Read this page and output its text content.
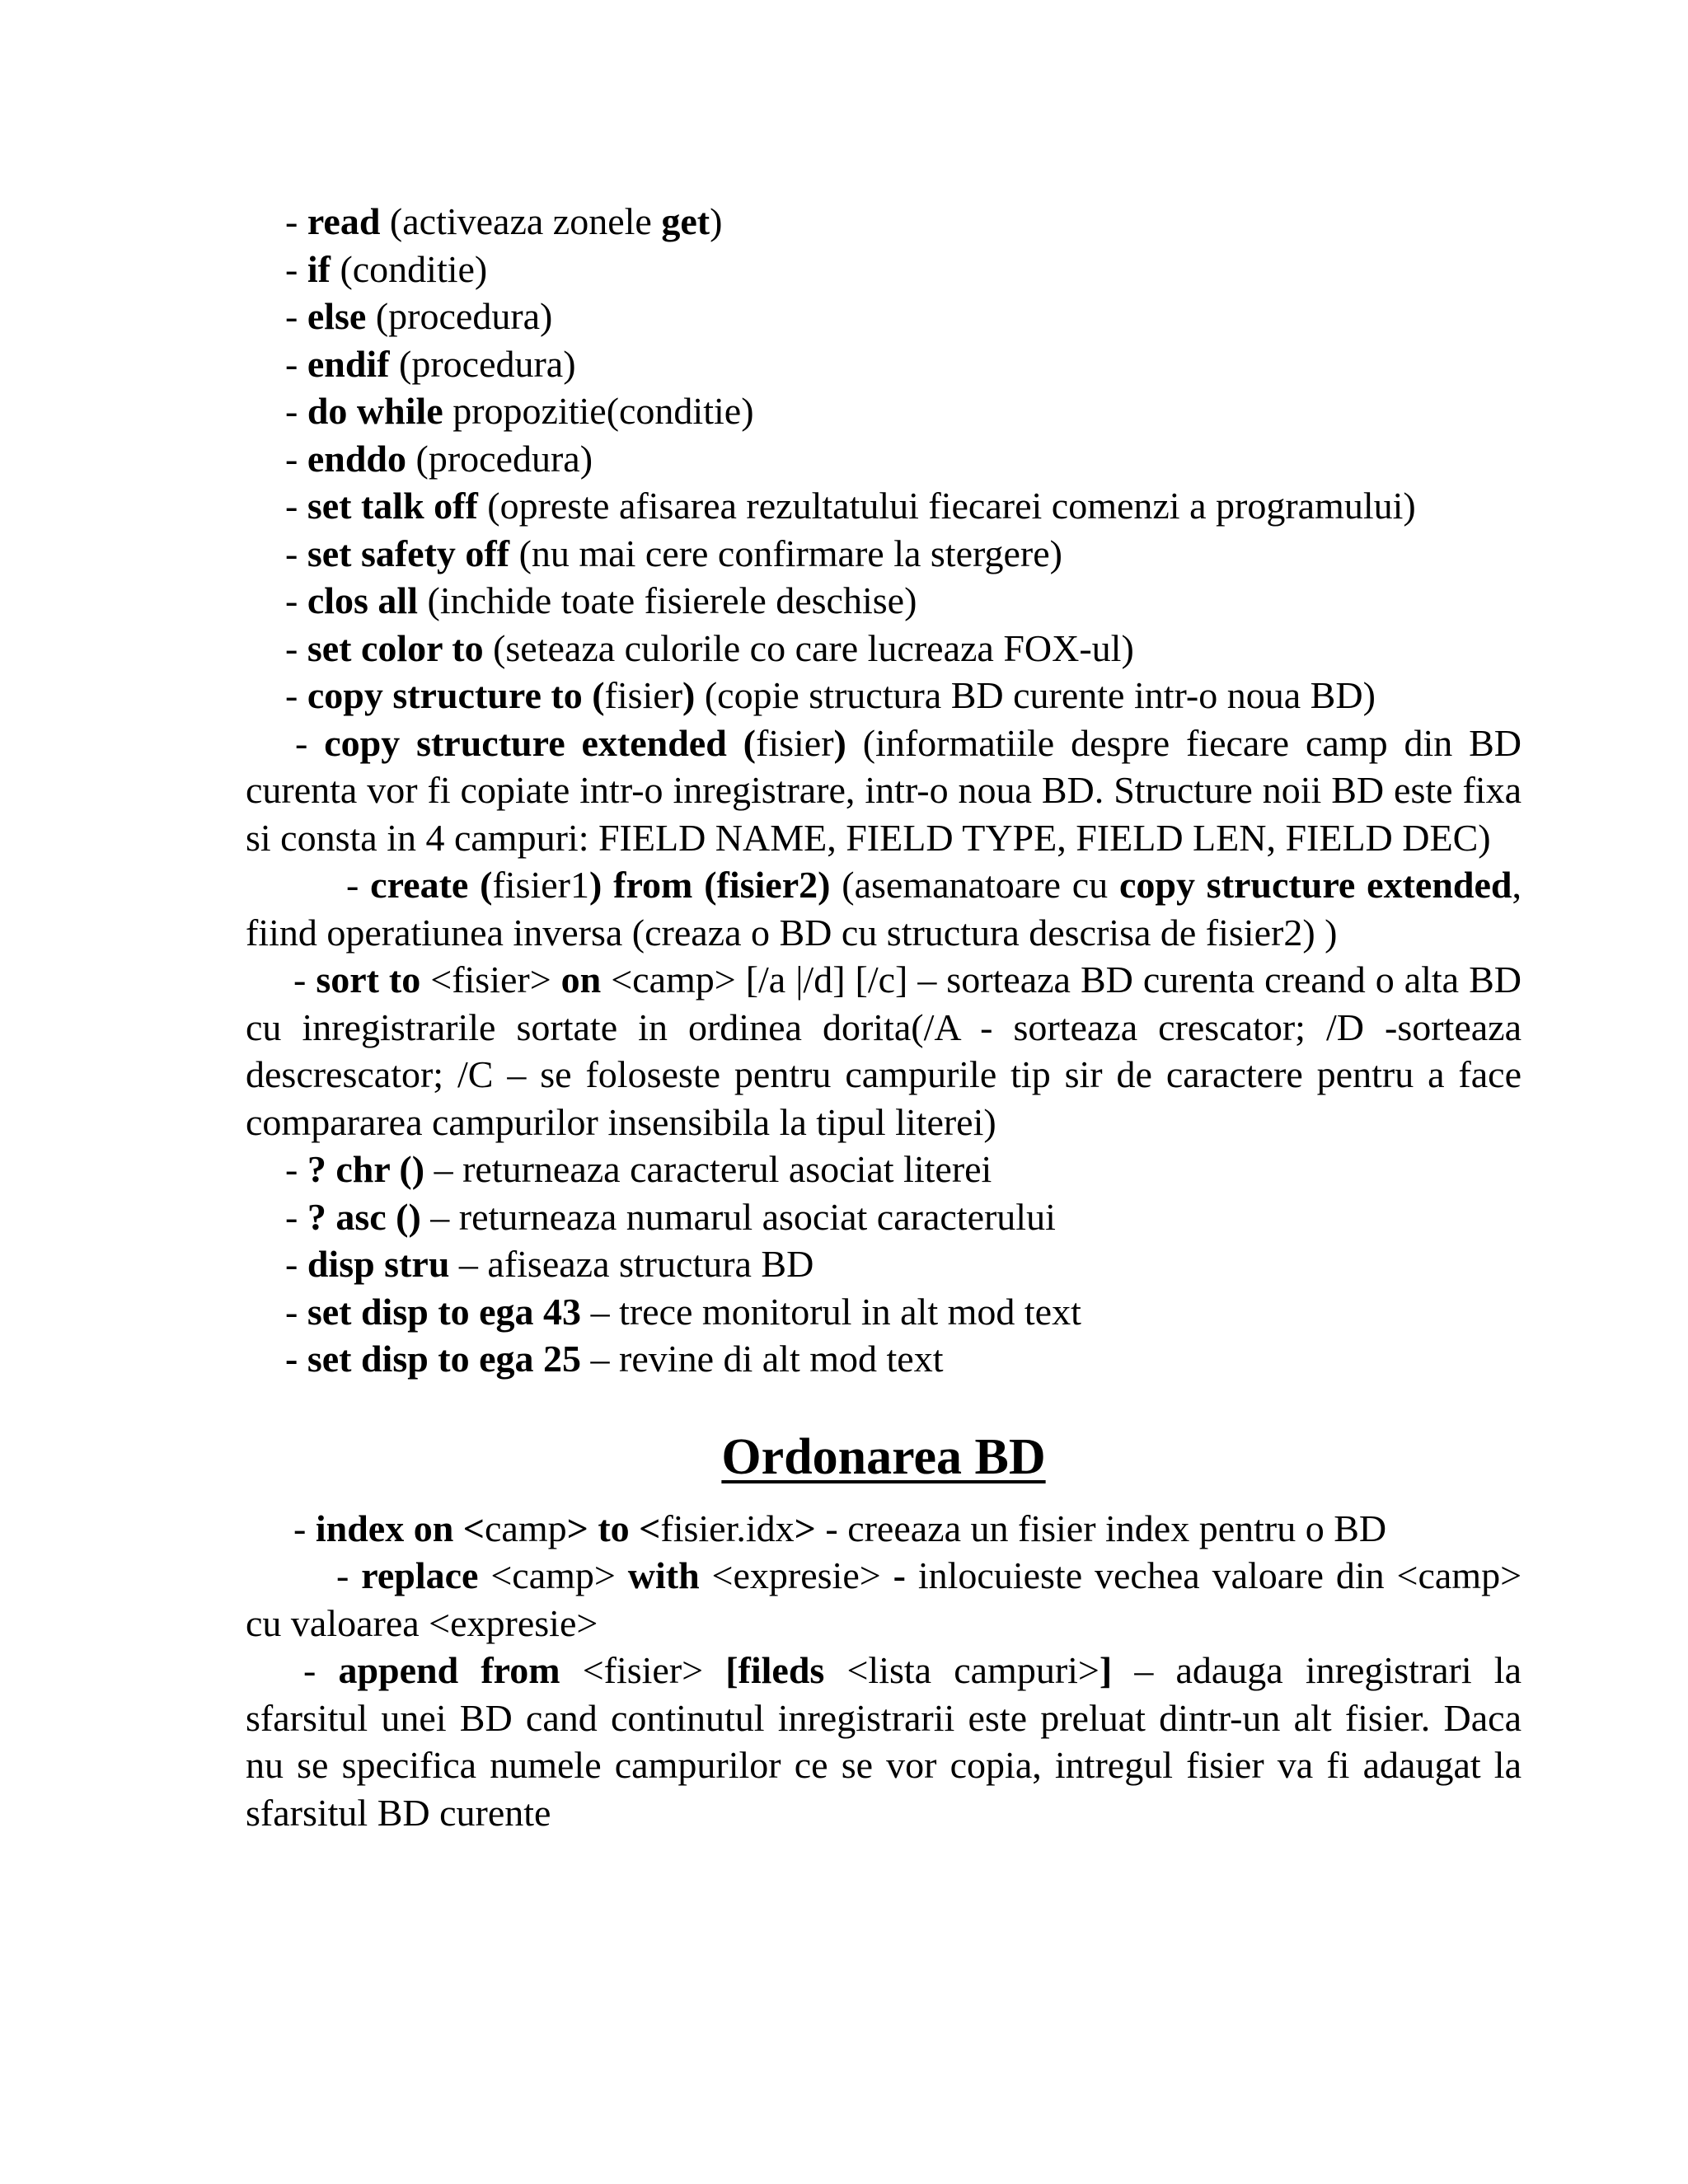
- read (activeaza zonele get)

- if (conditie)

- else (procedura)

- endif (procedura)

- do while propozitie(conditie)

- enddo (procedura)

- set talk off (opreste afisarea rezultatului fiecarei comenzi a programului)

- set safety off (nu mai cere confirmare la stergere)

- clos all (inchide toate fisierele deschise)

- set color to (seteaza culorile co care lucreaza FOX-ul)

- copy structure to (fisier) (copie structura BD curente intr-o noua BD)

- copy structure extended (fisier) (informatiile despre fiecare camp din BD curenta vor fi copiate intr-o inregistrare, intr-o noua BD. Structure noii BD este fixa si consta in 4 campuri: FIELD NAME, FIELD TYPE, FIELD LEN, FIELD DEC)

- create (fisier1) from (fisier2) (asemanatoare cu copy structure extended, fiind operatiunea inversa (creaza o BD cu structura descrisa de fisier2) )

- sort to <fisier> on <camp> [/a |/d] [/c] – sorteaza BD curenta creand o alta BD cu inregistrarile sortate in ordinea dorita(/A - sorteaza crescator; /D -sorteaza descrescator; /C – se foloseste pentru campurile tip sir de caractere pentru a face compararea campurilor insensibila la tipul literei)

- ? chr () – returneaza caracterul asociat literei

- ? asc () – returneaza numarul asociat caracterului

- disp stru – afiseaza structura BD

- set disp to ega 43 – trece monitorul in alt mod text

- set disp to ega 25 – revine di alt mod text

Ordonarea BD

- index on <camp> to <fisier.idx> - creeaza un fisier index pentru o BD

- replace <camp> with <expresie> - inlocuieste vechea valoare din <camp> cu valoarea <expresie>

- append from <fisier> [fileds <lista campuri>] – adauga inregistrari la sfarsitul unei BD cand continutul inregistrarii este preluat dintr-un alt fisier. Daca nu se specifica numele campurilor ce se vor copia, intregul fisier va fi adaugat la sfarsitul BD curente
